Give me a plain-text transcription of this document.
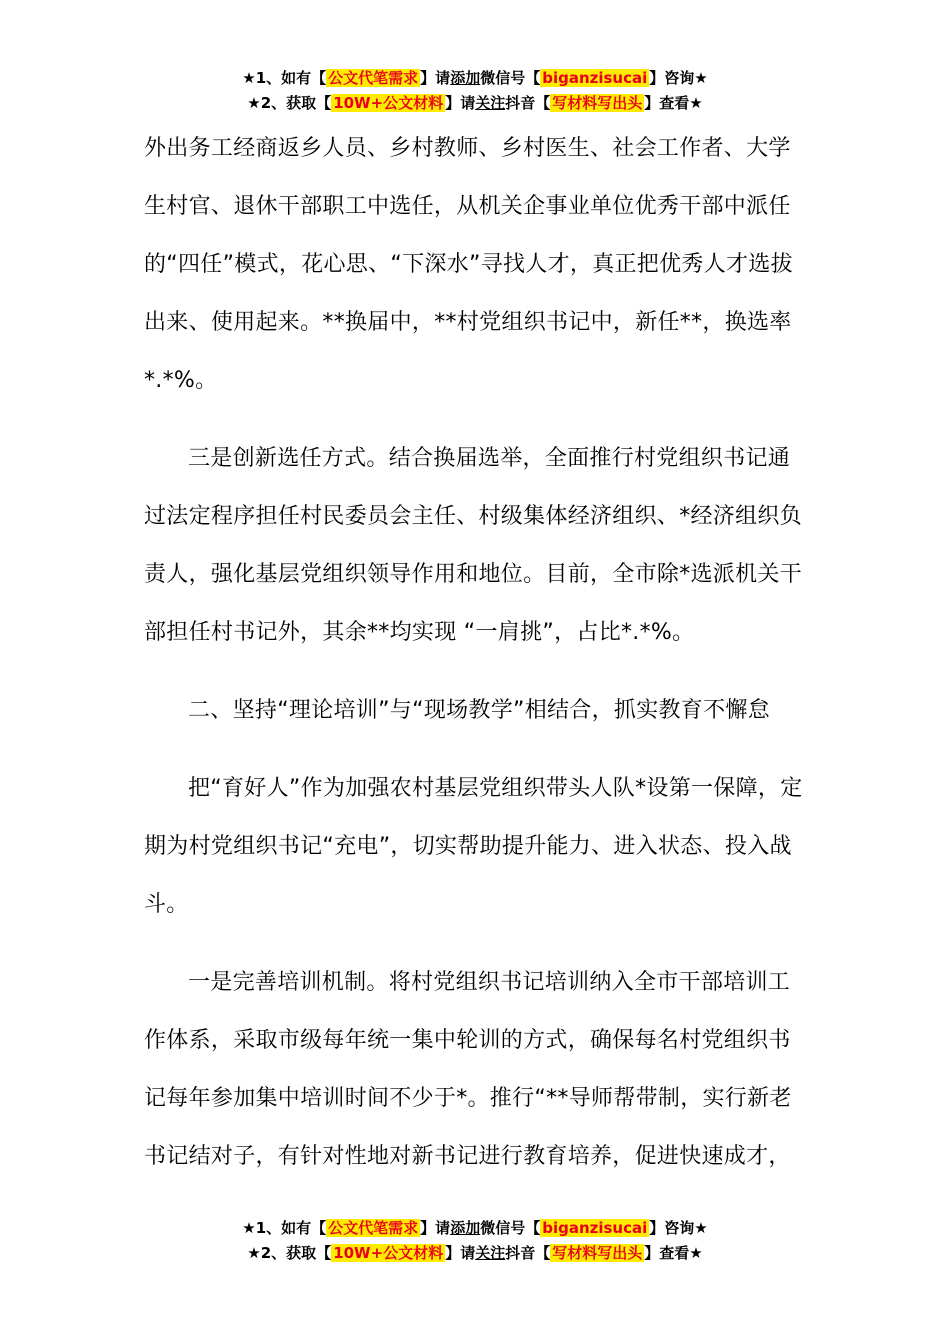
★1、如有【 公文代笔需求 】请添加微信号【 biganzisucai 】咨询★
★2、获取【 10W+公文材料 】请关注抖音【 写材料写出头 】查看★

外出务工经商返乡人员、乡村教师、乡村医生、社会工作者、大学生村官、退休干部职工中选任，从机关企事业单位优秀干部中派任的“四任”模式，花心思、“下深水”寻找人才，真正把优秀人才选拔出来、使用起来。**换届中，**村党组织书记中，新任**，换选率*.*%。

三是创新选任方式。结合换届选举，全面推行村党组织书记通过法定程序担任村民委员会主任、村级集体经济组织、*经济组织负责人，强化基层党组织领导作用和地位。目前，全市除*选派机关干部担任村书记外，其余**均实现 “一肩挑”，占比*.*%。

二、坚持“理论培训”与“现场教学”相结合，抓实教育不懈怠

把“育好人”作为加强农村基层党组织带头人队*设第一保障，定期为村党组织书记“充电”，切实帮助提升能力、进入状态、投入战斗。

一是完善培训机制。将村党组织书记培训纳入全市干部培训工作体系，采取市级每年统一集中轮训的方式，确保每名村党组织书记每年参加集中培训时间不少于*。推行“**导师帮带制，实行新老书记结对子，有针对性地对新书记进行教育培养，促进快速成才，

★1、如有【 公文代笔需求 】请添加微信号【 biganzisucai 】咨询★
★2、获取【 10W+公文材料 】请关注抖音【 写材料写出头 】查看★
